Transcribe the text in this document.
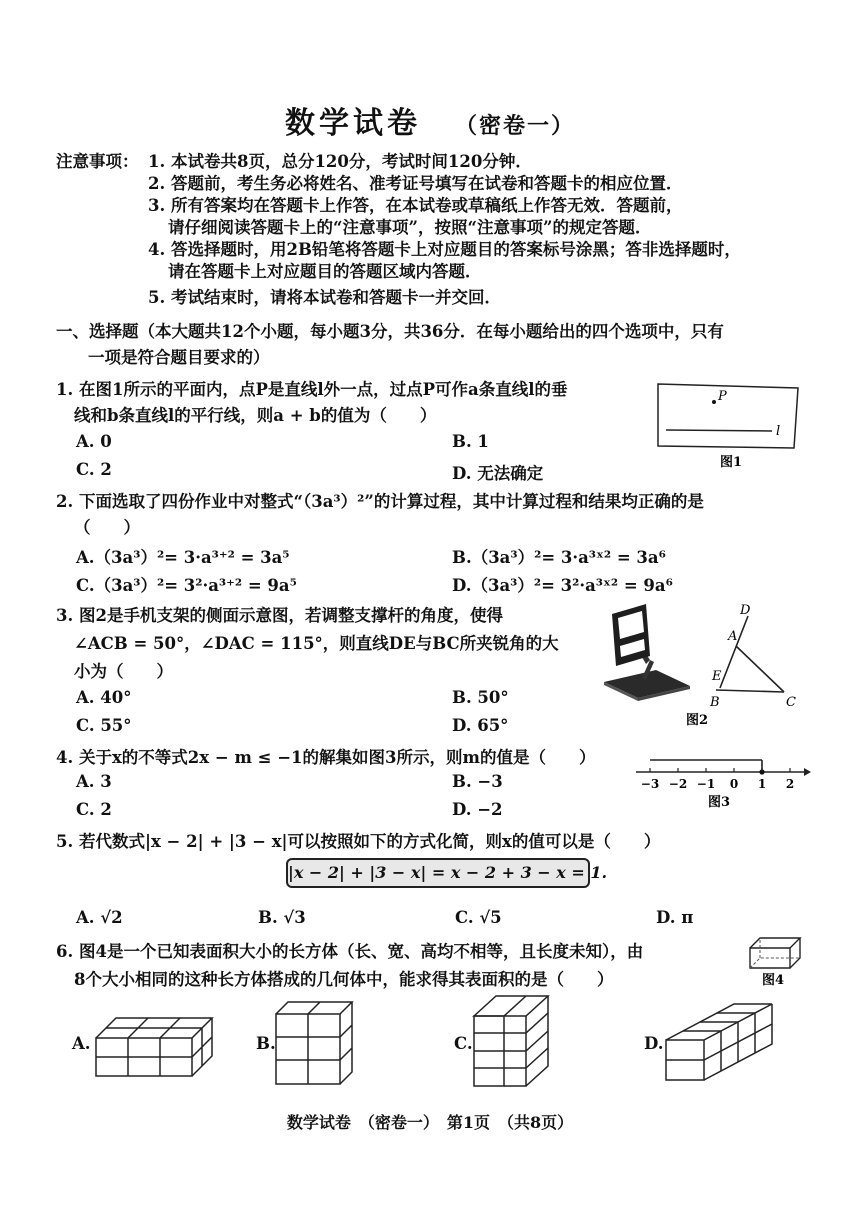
数学试卷 （密卷一）
注意事项： 1. 本试卷共8页，总分120分，考试时间120分钟．
2. 答题前，考生务必将姓名、准考证号填写在试卷和答题卡的相应位置．
3. 所有答案均在答题卡上作答，在本试卷或草稿纸上作答无效．答题前，
请仔细阅读答题卡上的“注意事项”，按照“注意事项”的规定答题．
4. 答选择题时，用2B铅笔将答题卡上对应题目的答案标号涂黑；答非选择题时，
请在答题卡上对应题目的答题区域内答题．
5. 考试结束时，请将本试卷和答题卡一并交回．
一、选择题（本大题共12个小题，每小题3分，共36分．在每小题给出的四个选项中，只有
一项是符合题目要求的）
1. 在图1所示的平面内，点P是直线l外一点，过点P可作a条直线l的垂
线和b条直线l的平行线，则a + b的值为（　　）
A. 0	B. 1
C. 2	D. 无法确定
P
l
图1
2. 下面选取了四份作业中对整式“（3a³）²”的计算过程，其中计算过程和结果均正确的是
（　　）
A.（3a³）²= 3·a³⁺² = 3a⁵	B.（3a³）²= 3·a³ˣ² = 3a⁶
C.（3a³）²= 3²·a³⁺² = 9a⁵	D.（3a³）²= 3²·a³ˣ² = 9a⁶
3. 图2是手机支架的侧面示意图，若调整支撑杆的角度，使得
∠ACB = 50°，∠DAC = 115°，则直线DE与BC所夹锐角的大
小为（　　）
A. 40°	B. 50°
C. 55°	D. 65°
D
A
E
B	C
图2
4. 关于x的不等式2x − m ≤ −1的解集如图3所示，则m的值是（　　）
A. 3	B. −3
C. 2	D. −2
−3 −2 −1 0 1 2
图3
5. 若代数式|x − 2| + |3 − x|可以按照如下的方式化简，则x的值可以是（　　）
|x − 2| + |3 − x| = x − 2 + 3 − x = 1.
A. √2	B. √3	C. √5	D. π
6. 图4是一个已知表面积大小的长方体（长、宽、高均不相等，且长度未知），由
8个大小相同的这种长方体搭成的几何体中，能求得其表面积的是（　　）	图4
A.	B.	C.	D.
数学试卷　（密卷一）　第1页　（共8页）
